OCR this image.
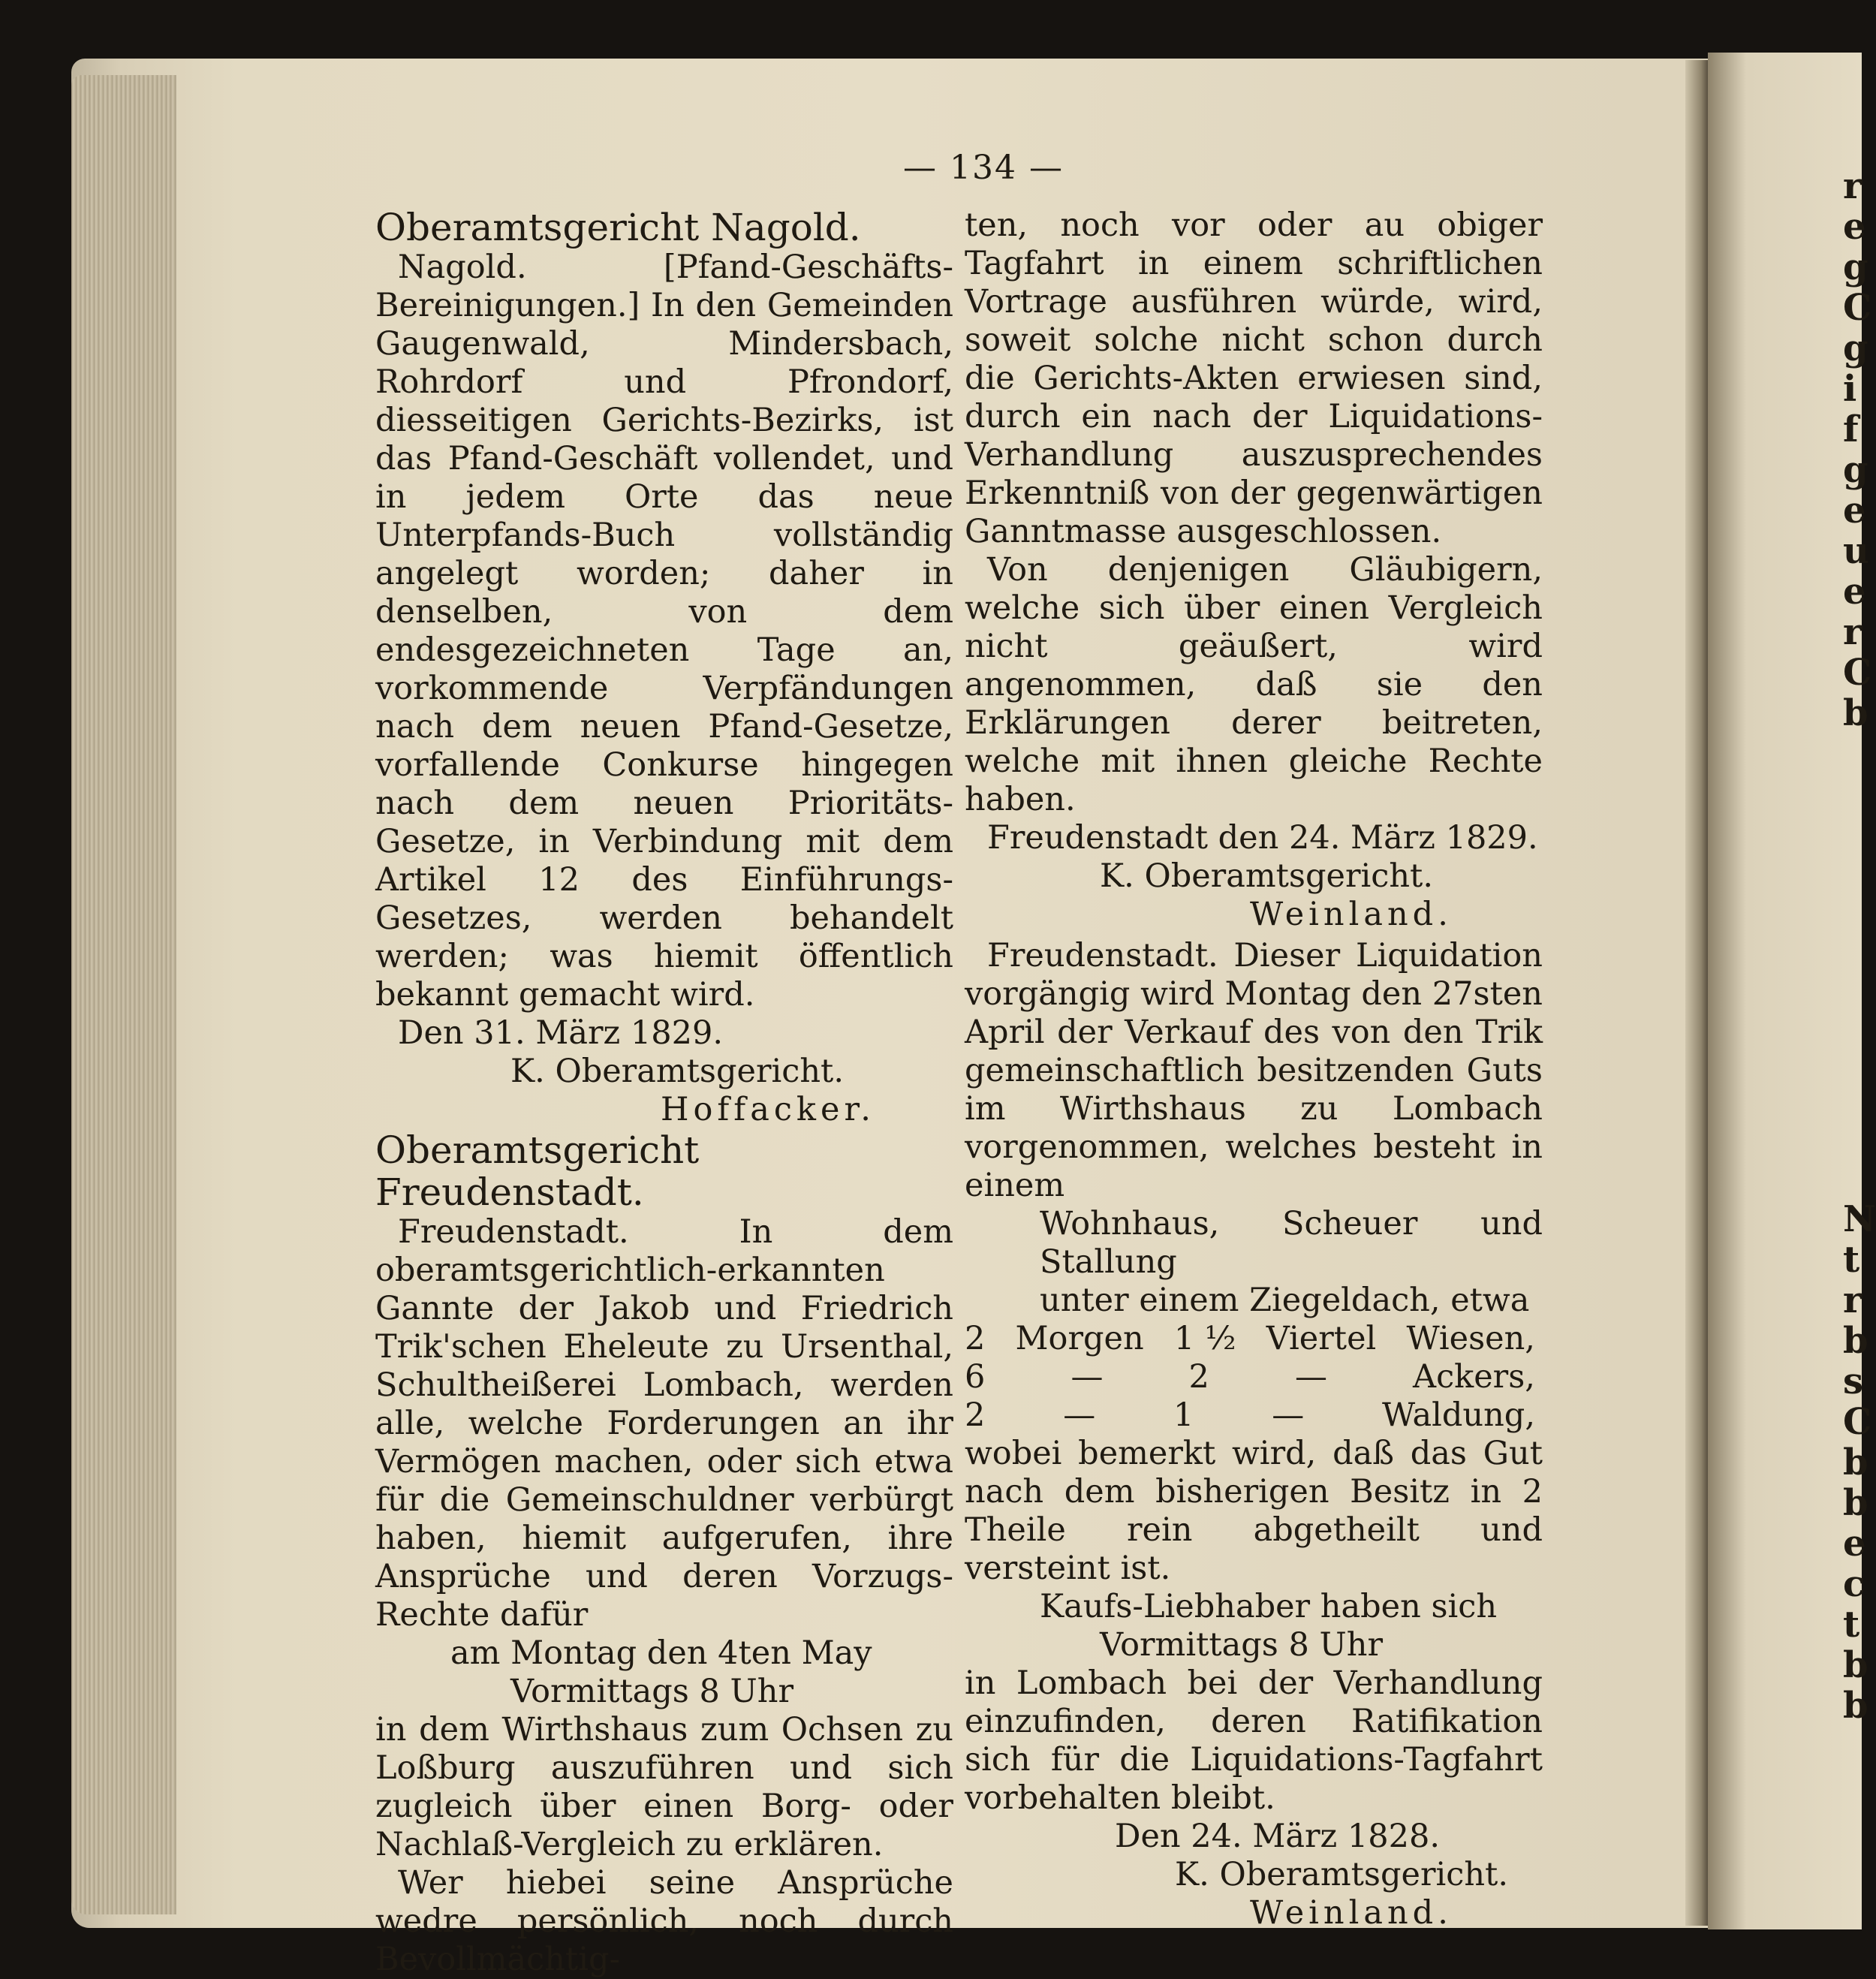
r
e
g
C
g
i
f
g
e
u
e
r
C
b
N
t
r
b
s
C
b
b
e
c
t
b
b
— 134 —

Oberamtsgericht Nagold.

Nagold. [Pfand-Geschäfts-Bereinigungen.] In den Gemeinden Gaugenwald, Mindersbach, Rohrdorf und Pfrondorf, diesseitigen Gerichts-Bezirks, ist das Pfand-Geschäft vollendet, und in jedem Orte das neue Unterpfands-Buch vollständig angelegt worden; daher in denselben, von dem endesgezeichneten Tage an, vorkommende Verpfändungen nach dem neuen Pfand-Gesetze, vorfallende Conkurse hingegen nach dem neuen Prioritäts-Gesetze, in Verbindung mit dem Artikel 12 des Einführungs-Gesetzes, werden behandelt werden; was hiemit öffentlich bekannt gemacht wird.

Den 31. März 1829.

K. Oberamtsgericht.

Hoffacker.

Oberamtsgericht Freudenstadt.

Freudenstadt. In dem oberamtsgerichtlich-erkannten Gannte der Jakob und Friedrich Trik'schen Eheleute zu Ursenthal, Schultheißerei Lombach, werden alle, welche Forderungen an ihr Vermögen machen, oder sich etwa für die Gemeinschuldner verbürgt haben, hiemit aufgerufen, ihre Ansprüche und deren Vorzugs-Rechte dafür

am Montag den 4ten May

Vormittags 8 Uhr

in dem Wirthshaus zum Ochsen zu Loßburg auszuführen und sich zugleich über einen Borg- oder Nachlaß-Vergleich zu erklären.

Wer hiebei seine Ansprüche wedre persönlich, noch durch Bevollmächtig-

ten, noch vor oder au obiger Tagfahrt in einem schriftlichen Vortrage ausführen würde, wird, soweit solche nicht schon durch die Gerichts-Akten erwiesen sind, durch ein nach der Liquidations-Verhandlung auszusprechendes Erkenntniß von der gegenwärtigen Ganntmasse ausgeschlossen.

Von denjenigen Gläubigern, welche sich über einen Vergleich nicht geäußert, wird angenommen, daß sie den Erklärungen derer beitreten, welche mit ihnen gleiche Rechte haben.

Freudenstadt den 24. März 1829.

K. Oberamtsgericht.

Weinland.

Freudenstadt. Dieser Liquidation vorgängig wird Montag den 27sten April der Verkauf des von den Trik gemeinschaftlich besitzenden Guts im Wirthshaus zu Lombach vorgenommen, welches besteht in einem

Wohnhaus, Scheuer und Stallung

unter einem Ziegeldach, etwa

2 Morgen 1 ½ Viertel Wiesen,
6	—	2	—	Ackers,
2 — 1 — Waldung,

wobei bemerkt wird, daß das Gut nach dem bisherigen Besitz in 2 Theile rein abgetheilt und versteint ist.

Kaufs-Liebhaber haben sich

Vormittags 8 Uhr

in Lombach bei der Verhandlung einzufinden, deren Ratifikation sich für die Liquidations-Tagfahrt vorbehalten bleibt.

Den 24. März 1828.

K. Oberamtsgericht.

Weinland.
